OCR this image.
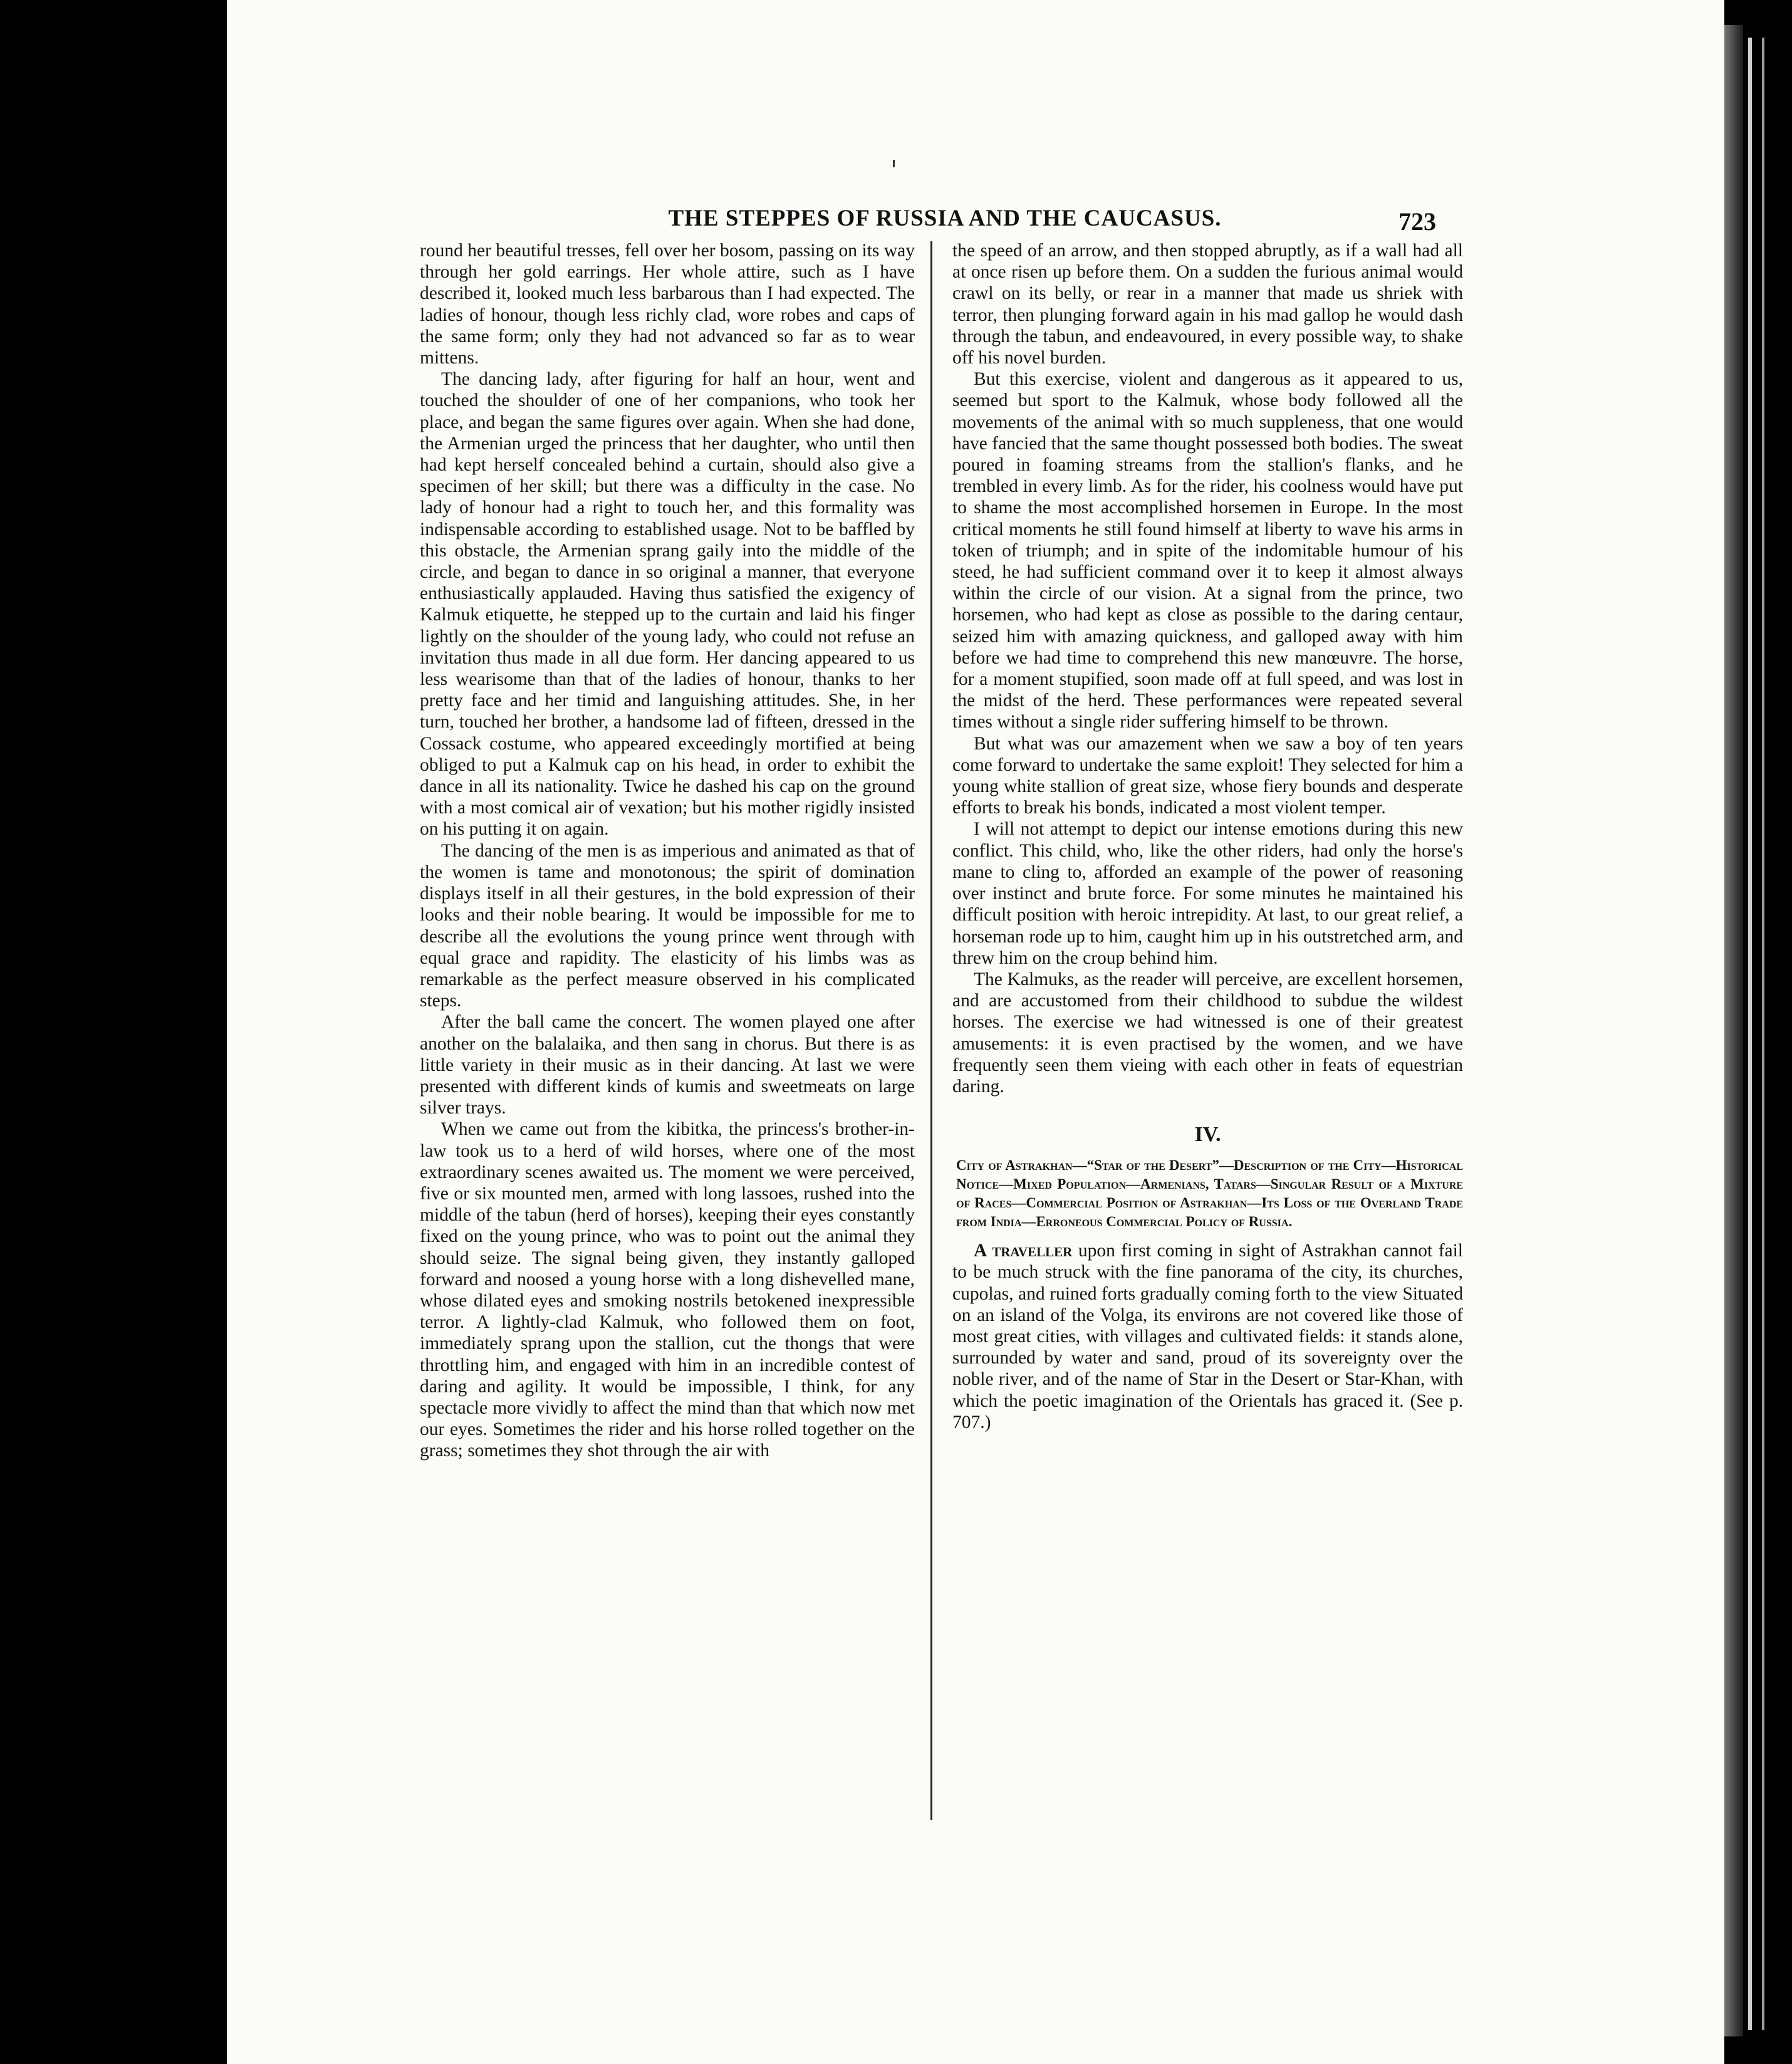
THE STEPPES OF RUSSIA AND THE CAUCASUS.	723

round her beautiful tresses, fell over her bosom, passing on its way through her gold earrings. Her whole attire, such as I have described it, looked much less barbarous than I had expected. The ladies of honour, though less richly clad, wore robes and caps of the same form; only they had not advanced so far as to wear mittens.

The dancing lady, after figuring for half an hour, went and touched the shoulder of one of her companions, who took her place, and began the same figures over again. When she had done, the Armenian urged the princess that her daughter, who until then had kept herself concealed behind a curtain, should also give a specimen of her skill; but there was a difficulty in the case. No lady of honour had a right to touch her, and this formality was indispensable according to established usage. Not to be baffled by this obstacle, the Armenian sprang gaily into the middle of the circle, and began to dance in so original a manner, that everyone enthusiastically applauded. Having thus satisfied the exigency of Kalmuk etiquette, he stepped up to the curtain and laid his finger lightly on the shoulder of the young lady, who could not refuse an invitation thus made in all due form. Her dancing appeared to us less wearisome than that of the ladies of honour, thanks to her pretty face and her timid and languishing attitudes. She, in her turn, touched her brother, a handsome lad of fifteen, dressed in the Cossack costume, who appeared exceedingly mortified at being obliged to put a Kalmuk cap on his head, in order to exhibit the dance in all its nationality. Twice he dashed his cap on the ground with a most comical air of vexation; but his mother rigidly insisted on his putting it on again.

The dancing of the men is as imperious and animated as that of the women is tame and monotonous; the spirit of domination displays itself in all their gestures, in the bold expression of their looks and their noble bearing. It would be impossible for me to describe all the evolutions the young prince went through with equal grace and rapidity. The elasticity of his limbs was as remarkable as the perfect measure observed in his complicated steps.

After the ball came the concert. The women played one after another on the balalaika, and then sang in chorus. But there is as little variety in their music as in their dancing. At last we were presented with different kinds of kumis and sweetmeats on large silver trays.

When we came out from the kibitka, the princess's brother-in-law took us to a herd of wild horses, where one of the most extraordinary scenes awaited us. The moment we were perceived, five or six mounted men, armed with long lassoes, rushed into the middle of the tabun (herd of horses), keeping their eyes constantly fixed on the young prince, who was to point out the animal they should seize. The signal being given, they instantly galloped forward and noosed a young horse with a long dishevelled mane, whose dilated eyes and smoking nostrils betokened inexpressible terror. A lightly-clad Kalmuk, who followed them on foot, immediately sprang upon the stallion, cut the thongs that were throttling him, and engaged with him in an incredible contest of daring and agility. It would be impossible, I think, for any spectacle more vividly to affect the mind than that which now met our eyes. Sometimes the rider and his horse rolled together on the grass; sometimes they shot through the air with

the speed of an arrow, and then stopped abruptly, as if a wall had all at once risen up before them. On a sudden the furious animal would crawl on its belly, or rear in a manner that made us shriek with terror, then plunging forward again in his mad gallop he would dash through the tabun, and endeavoured, in every possible way, to shake off his novel burden.

But this exercise, violent and dangerous as it appeared to us, seemed but sport to the Kalmuk, whose body followed all the movements of the animal with so much suppleness, that one would have fancied that the same thought possessed both bodies. The sweat poured in foaming streams from the stallion's flanks, and he trembled in every limb. As for the rider, his coolness would have put to shame the most accomplished horsemen in Europe. In the most critical moments he still found himself at liberty to wave his arms in token of triumph; and in spite of the indomitable humour of his steed, he had sufficient command over it to keep it almost always within the circle of our vision. At a signal from the prince, two horsemen, who had kept as close as possible to the daring centaur, seized him with amazing quickness, and galloped away with him before we had time to comprehend this new manœuvre. The horse, for a moment stupified, soon made off at full speed, and was lost in the midst of the herd. These performances were repeated several times without a single rider suffering himself to be thrown.

But what was our amazement when we saw a boy of ten years come forward to undertake the same exploit! They selected for him a young white stallion of great size, whose fiery bounds and desperate efforts to break his bonds, indicated a most violent temper.

I will not attempt to depict our intense emotions during this new conflict. This child, who, like the other riders, had only the horse's mane to cling to, afforded an example of the power of reasoning over instinct and brute force. For some minutes he maintained his difficult position with heroic intrepidity. At last, to our great relief, a horseman rode up to him, caught him up in his outstretched arm, and threw him on the croup behind him.

The Kalmuks, as the reader will perceive, are excellent horsemen, and are accustomed from their childhood to subdue the wildest horses. The exercise we had witnessed is one of their greatest amusements: it is even practised by the women, and we have frequently seen them vieing with each other in feats of equestrian daring.

IV.
City of Astrakhan—“Star of the Desert”—Description of the City—Historical Notice—Mixed Population—Armenians, Tatars—Singular Result of a Mixture of Races—Commercial Position of Astrakhan—Its Loss of the Overland Trade from India—Erroneous Commercial Policy of Russia.

A traveller upon first coming in sight of Astrakhan cannot fail to be much struck with the fine panorama of the city, its churches, cupolas, and ruined forts gradually coming forth to the view Situated on an island of the Volga, its environs are not covered like those of most great cities, with villages and cultivated fields: it stands alone, surrounded by water and sand, proud of its sovereignty over the noble river, and of the name of Star in the Desert or Star-Khan, with which the poetic imagination of the Orientals has graced it. (See p. 707.)
